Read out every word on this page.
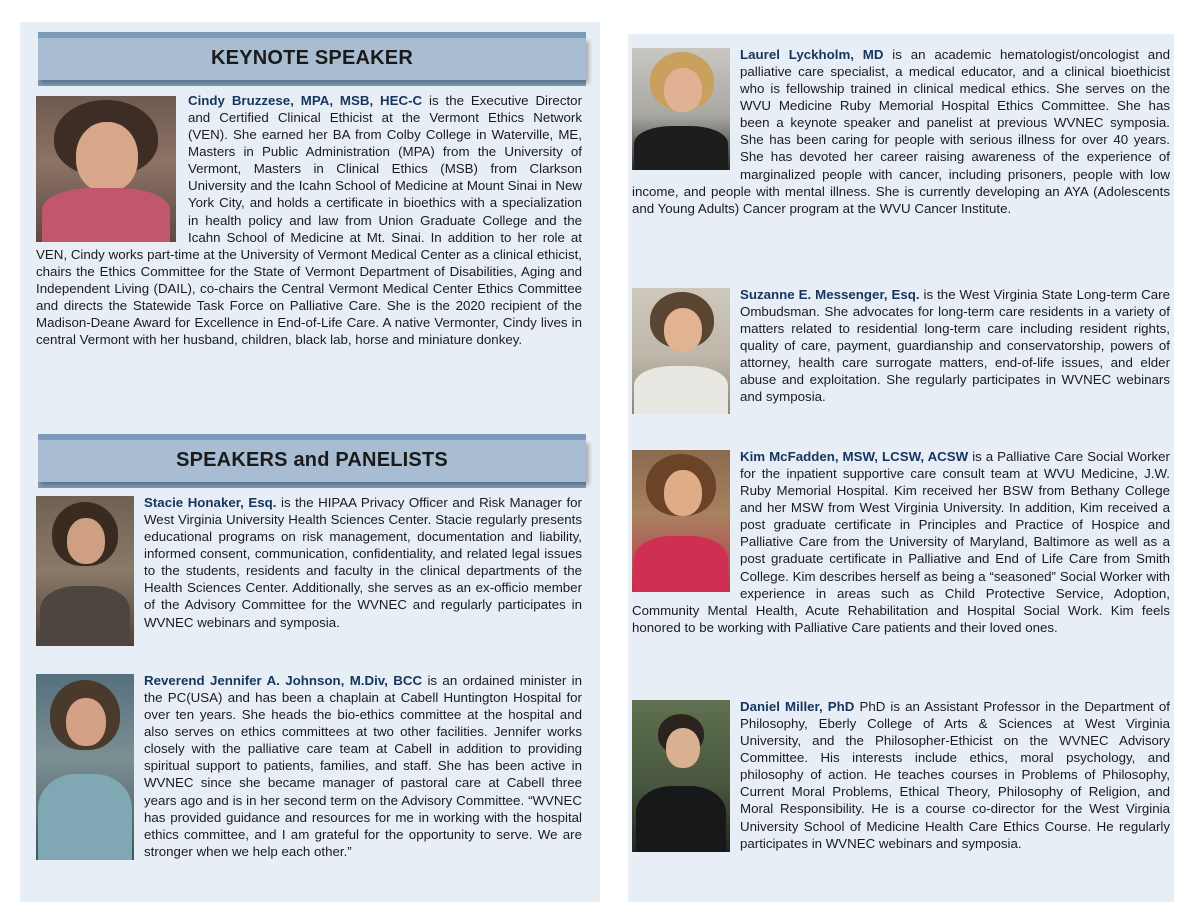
KEYNOTE SPEAKER

Cindy Bruzzese, MPA, MSB, HEC-C is the Executive Director and Certified Clinical Ethicist at the Vermont Ethics Network (VEN). She earned her BA from Colby College in Waterville, ME, Masters in Public Administration (MPA) from the University of Vermont, Masters in Clinical Ethics (MSB) from Clarkson University and the Icahn School of Medicine at Mount Sinai in New York City, and holds a certificate in bioethics with a specialization in health policy and law from Union Graduate College and the Icahn School of Medicine at Mt. Sinai. In addition to her role at VEN, Cindy works part-time at the University of Vermont Medical Center as a clinical ethicist, chairs the Ethics Committee for the State of Vermont Department of Disabilities, Aging and Independent Living (DAIL), co-chairs the Central Vermont Medical Center Ethics Committee and directs the Statewide Task Force on Palliative Care. She is the 2020 recipient of the Madison-Deane Award for Excellence in End-of-Life Care. A native Vermonter, Cindy lives in central Vermont with her husband, children, black lab, horse and miniature donkey.

SPEAKERS and PANELISTS

Stacie Honaker, Esq. is the HIPAA Privacy Officer and Risk Manager for West Virginia University Health Sciences Center. Stacie regularly presents educational programs on risk management, documentation and liability, informed consent, communication, confidentiality, and related legal issues to the students, residents and faculty in the clinical departments of the Health Sciences Center. Additionally, she serves as an ex-officio member of the Advisory Committee for the WVNEC and regularly participates in WVNEC webinars and symposia.

Reverend Jennifer A. Johnson, M.Div, BCC is an ordained minister in the PC(USA) and has been a chaplain at Cabell Huntington Hospital for over ten years. She heads the bio-ethics committee at the hospital and also serves on ethics committees at two other facilities. Jennifer works closely with the palliative care team at Cabell in addition to providing spiritual support to patients, families, and staff. She has been active in WVNEC since she became manager of pastoral care at Cabell three years ago and is in her second term on the Advisory Committee. “WVNEC has provided guidance and resources for me in working with the hospital ethics committee, and I am grateful for the opportunity to serve. We are stronger when we help each other.”

Laurel Lyckholm, MD is an academic hematologist/oncologist and palliative care specialist, a medical educator, and a clinical bioethicist who is fellowship trained in clinical medical ethics. She serves on the WVU Medicine Ruby Memorial Hospital Ethics Committee. She has been a keynote speaker and panelist at previous WVNEC symposia. She has been caring for people with serious illness for over 40 years. She has devoted her career raising awareness of the experience of marginalized people with cancer, including prisoners, people with low income, and people with mental illness. She is currently developing an AYA (Adolescents and Young Adults) Cancer program at the WVU Cancer Institute.

Suzanne E. Messenger, Esq. is the West Virginia State Long-term Care Ombudsman. She advocates for long-term care residents in a variety of matters related to residential long-term care including resident rights, quality of care, payment, guardianship and conservatorship, powers of attorney, health care surrogate matters, end-of-life issues, and elder abuse and exploitation. She regularly participates in WVNEC webinars and symposia.

Kim McFadden, MSW, LCSW, ACSW is a Palliative Care Social Worker for the inpatient supportive care consult team at WVU Medicine, J.W. Ruby Memorial Hospital. Kim received her BSW from Bethany College and her MSW from West Virginia University. In addition, Kim received a post graduate certificate in Principles and Practice of Hospice and Palliative Care from the University of Maryland, Baltimore as well as a post graduate certificate in Palliative and End of Life Care from Smith College. Kim describes herself as being a “seasoned” Social Worker with experience in areas such as Child Protective Service, Adoption, Community Mental Health, Acute Rehabilitation and Hospital Social Work. Kim feels honored to be working with Palliative Care patients and their loved ones.

Daniel Miller, PhD PhD is an Assistant Professor in the Department of Philosophy, Eberly College of Arts & Sciences at West Virginia University, and the Philosopher-Ethicist on the WVNEC Advisory Committee. His interests include ethics, moral psychology, and philosophy of action. He teaches courses in Problems of Philosophy, Current Moral Problems, Ethical Theory, Philosophy of Religion, and Moral Responsibility. He is a course co-director for the West Virginia University School of Medicine Health Care Ethics Course. He regularly participates in WVNEC webinars and symposia.
